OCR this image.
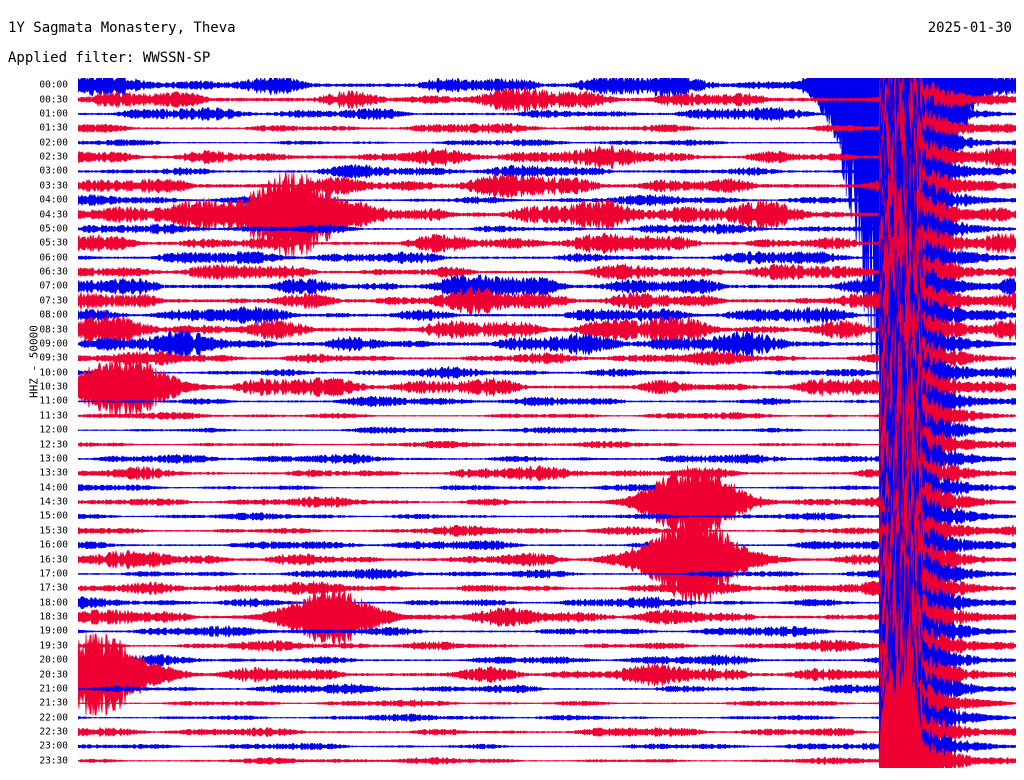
1Y Sagmata Monastery, Theva
Applied filter: WWSSN-SP
2025-01-30
HHZ - 50000
00:00
00:30
01:00
01:30
02:00
02:30
03:00
03:30
04:00
04:30
05:00
05:30
06:00
06:30
07:00
07:30
08:00
08:30
09:00
09:30
10:00
10:30
11:00
11:30
12:00
12:30
13:00
13:30
14:00
14:30
15:00
15:30
16:00
16:30
17:00
17:30
18:00
18:30
19:00
19:30
20:00
20:30
21:00
21:30
22:00
22:30
23:00
23:30
